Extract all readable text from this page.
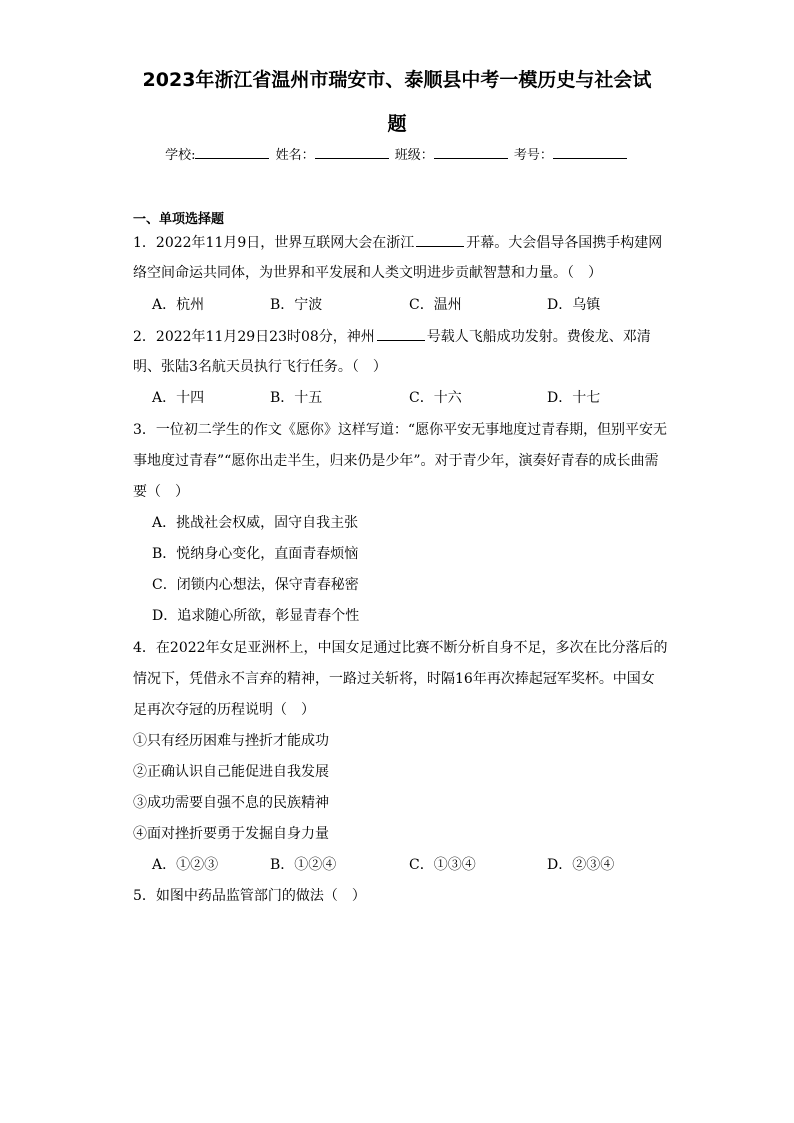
2023年浙江省温州市瑞安市、泰顺县中考一模历史与社会试
题
学校:	姓名：	班级：	考号：
一、单项选择题
1．2022年11月9日，世界互联网大会在浙江	开幕。大会倡导各国携手构建网
络空间命运共同体，为世界和平发展和人类文明进步贡献智慧和力量。（　）
A．杭州	B．宁波	C．温州	D．乌镇
2．2022年11月29日23时08分，神州	号载人飞船成功发射。费俊龙、邓清
明、张陆3名航天员执行飞行任务。（　）
A．十四	B．十五	C．十六	D．十七
3．一位初二学生的作文《愿你》这样写道：“愿你平安无事地度过青春期，但别平安无
事地度过青春”“愿你出走半生，归来仍是少年”。对于青少年，演奏好青春的成长曲需
要（　）
A．挑战社会权威，固守自我主张
B．悦纳身心变化，直面青春烦恼
C．闭锁内心想法，保守青春秘密
D．追求随心所欲，彰显青春个性
4．在2022年女足亚洲杯上，中国女足通过比赛不断分析自身不足，多次在比分落后的
情况下，凭借永不言弃的精神，一路过关斩将，时隔16年再次捧起冠军奖杯。中国女
足再次夺冠的历程说明（　）
①只有经历困难与挫折才能成功
②正确认识自己能促进自我发展
③成功需要自强不息的民族精神
④面对挫折要勇于发掘自身力量
A．①②③	B．①②④	C．①③④	D．②③④
5．如图中药品监管部门的做法（　）
